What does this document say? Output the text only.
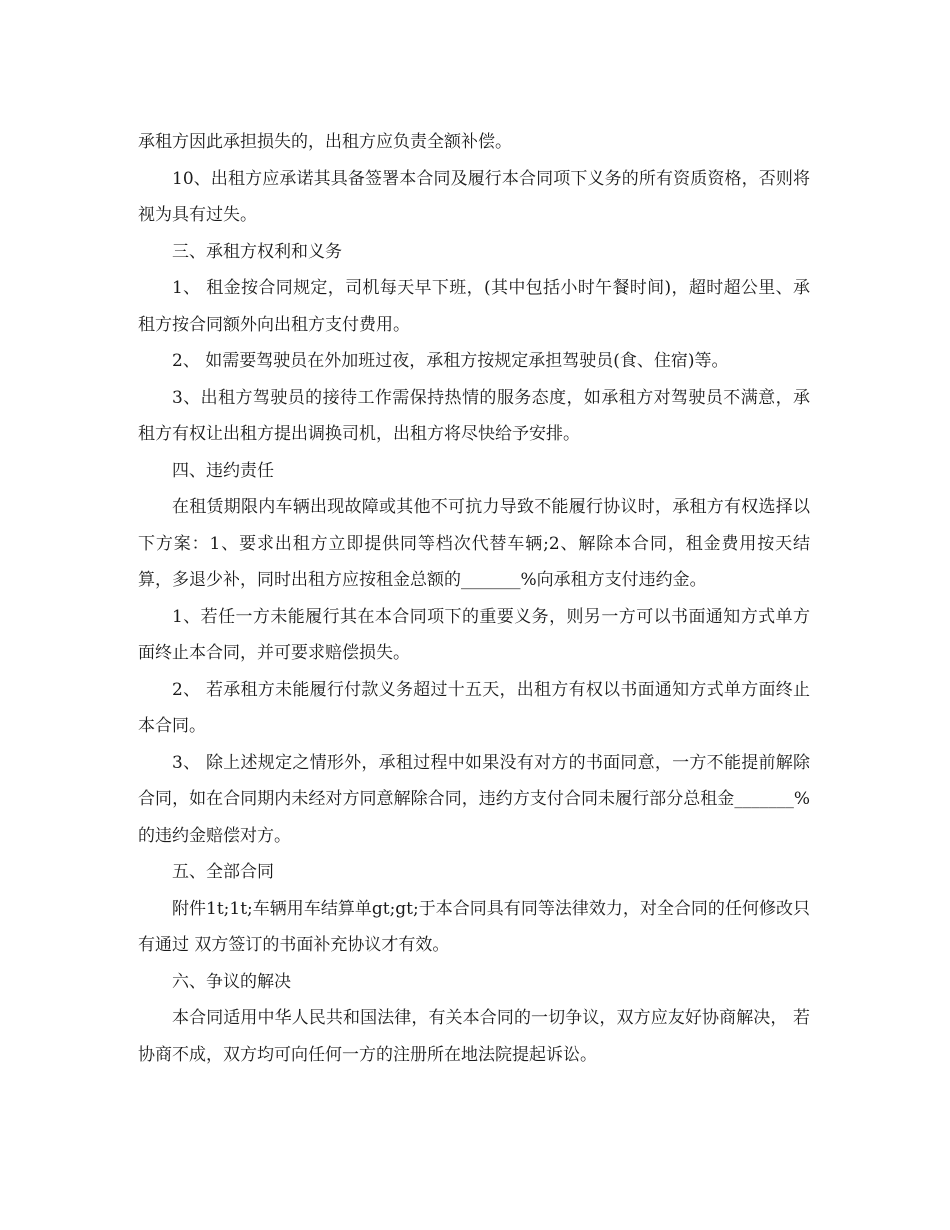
承租方因此承担损失的，出租方应负责全额补偿。

10、出租方应承诺其具备签署本合同及履行本合同项下义务的所有资质资格，否则将视为具有过失。

三、承租方权利和义务

1、 租金按合同规定，司机每天早下班，(其中包括小时午餐时间)，超时超公里、承租方按合同额外向出租方支付费用。

2、 如需要驾驶员在外加班过夜，承租方按规定承担驾驶员(食、住宿)等。

3、出租方驾驶员的接待工作需保持热情的服务态度，如承租方对驾驶员不满意，承租方有权让出租方提出调换司机，出租方将尽快给予安排。

四、违约责任

在租赁期限内车辆出现故障或其他不可抗力导致不能履行协议时，承租方有权选择以下方案：1、要求出租方立即提供同等档次代替车辆;2、解除本合同，租金费用按天结算，多退少补，同时出租方应按租金总额的_______%向承租方支付违约金。

1、若任一方未能履行其在本合同项下的重要义务，则另一方可以书面通知方式单方面终止本合同，并可要求赔偿损失。

2、 若承租方未能履行付款义务超过十五天，出租方有权以书面通知方式单方面终止本合同。

3、 除上述规定之情形外，承租过程中如果没有对方的书面同意，一方不能提前解除合同，如在合同期内未经对方同意解除合同，违约方支付合同未履行部分总租金_______%的违约金赔偿对方。

五、全部合同

附件1t;1t;车辆用车结算单gt;gt;于本合同具有同等法律效力，对全合同的任何修改只有通过 双方签订的书面补充协议才有效。

六、争议的解决

本合同适用中华人民共和国法律，有关本合同的一切争议，双方应友好协商解决， 若协商不成，双方均可向任何一方的注册所在地法院提起诉讼。
